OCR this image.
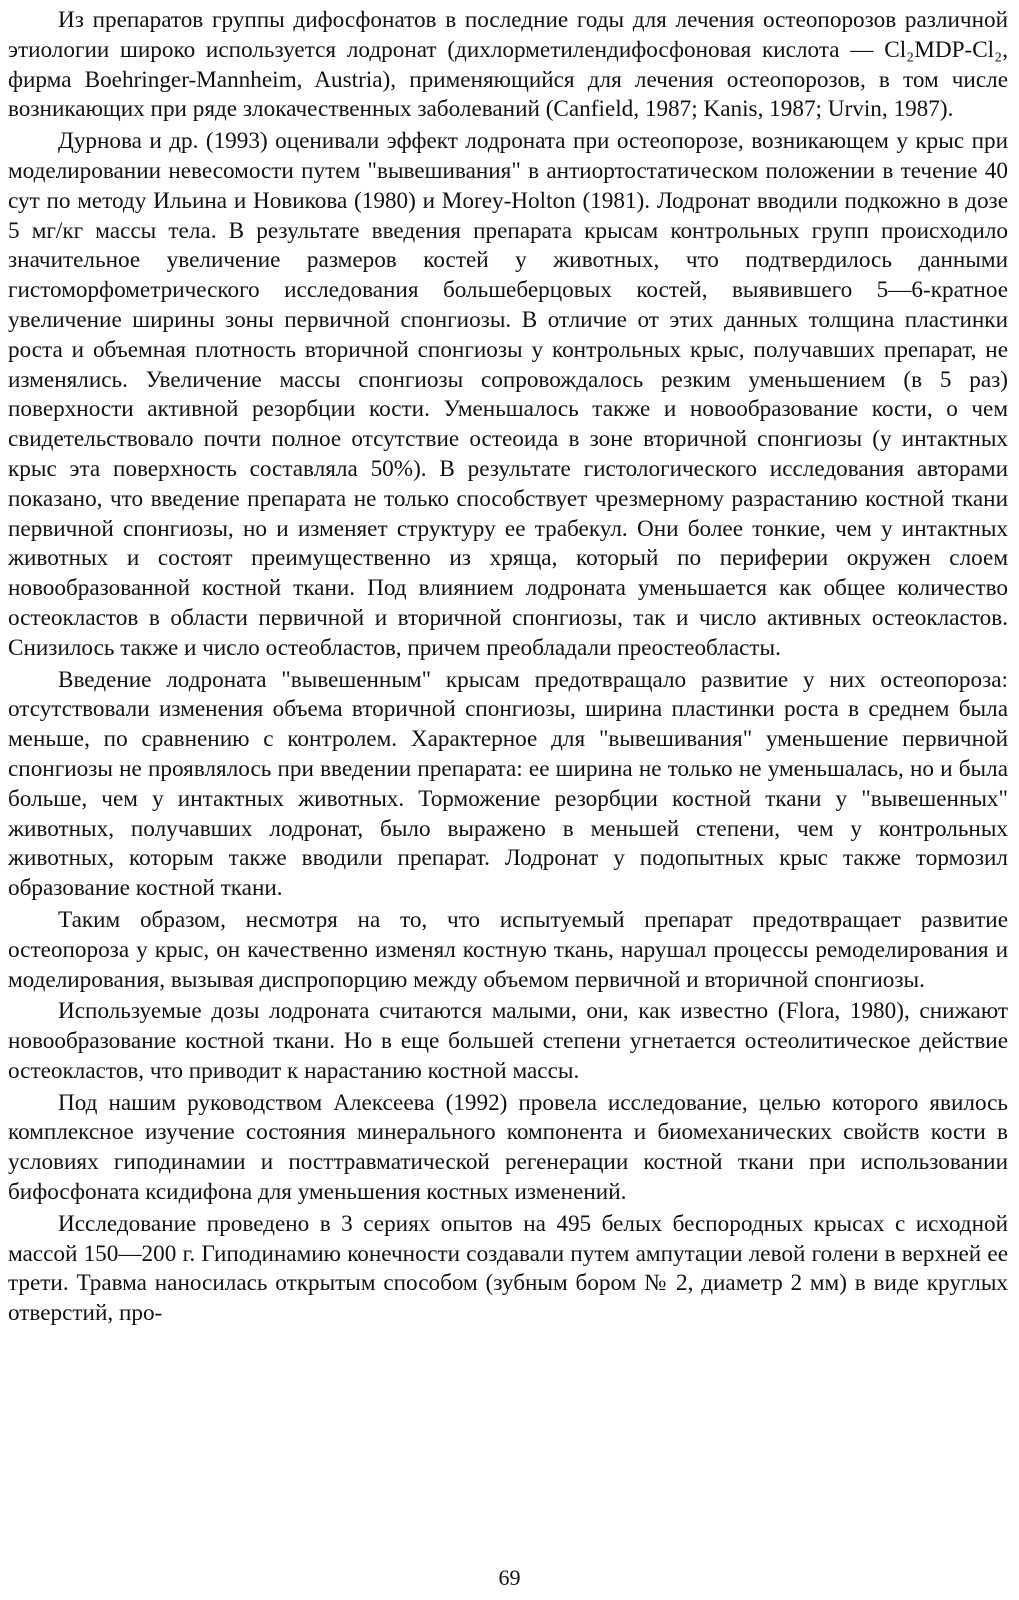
Из препаратов группы дифосфонатов в последние годы для лечения остеопорозов различной этиологии широко используется лодронат (дихлорметилендифосфоновая кислота — Cl₂MDP-Cl₂, фирма Boehringer-Mannheim, Austria), применяющийся для лечения остеопорозов, в том числе возникающих при ряде злокачественных заболеваний (Canfield, 1987; Kanis, 1987; Urvin, 1987).

Дурнова и др. (1993) оценивали эффект лодроната при остеопорозе, возникающем у крыс при моделировании невесомости путем "вывешивания" в антиортостатическом положении в течение 40 сут по методу Ильина и Новикова (1980) и Morey-Holton (1981). Лодронат вводили подкожно в дозе 5 мг/кг массы тела. В результате введения препарата крысам контрольных групп происходило значительное увеличение размеров костей у животных, что подтвердилось данными гистоморфометрического исследования большеберцовых костей, выявившего 5—6-кратное увеличение ширины зоны первичной спонгиозы. В отличие от этих данных толщина пластинки роста и объемная плотность вторичной спонгиозы у контрольных крыс, получавших препарат, не изменялись. Увеличение массы спонгиозы сопровождалось резким уменьшением (в 5 раз) поверхности активной резорбции кости. Уменьшалось также и новообразование кости, о чем свидетельствовало почти полное отсутствие остеоида в зоне вторичной спонгиозы (у интактных крыс эта поверхность составляла 50%). В результате гистологического исследования авторами показано, что введение препарата не только способствует чрезмерному разрастанию костной ткани первичной спонгиозы, но и изменяет структуру ее трабекул. Они более тонкие, чем у интактных животных и состоят преимущественно из хряща, который по периферии окружен слоем новообразованной костной ткани. Под влиянием лодроната уменьшается как общее количество остеокластов в области первичной и вторичной спонгиозы, так и число активных остеокластов. Снизилось также и число остеобластов, причем преобладали преостеобласты.

Введение лодроната "вывешенным" крысам предотвращало развитие у них остеопороза: отсутствовали изменения объема вторичной спонгиозы, ширина пластинки роста в среднем была меньше, по сравнению с контролем. Характерное для "вывешивания" уменьшение первичной спонгиозы не проявлялось при введении препарата: ее ширина не только не уменьшалась, но и была больше, чем у интактных животных. Торможение резорбции костной ткани у "вывешенных" животных, получавших лодронат, было выражено в меньшей степени, чем у контрольных животных, которым также вводили препарат. Лодронат у подопытных крыс также тормозил образование костной ткани.

Таким образом, несмотря на то, что испытуемый препарат предотвращает развитие остеопороза у крыс, он качественно изменял костную ткань, нарушал процессы ремоделирования и моделирования, вызывая диспропорцию между объемом первичной и вторичной спонгиозы.

Используемые дозы лодроната считаются малыми, они, как известно (Flora, 1980), снижают новообразование костной ткани. Но в еще большей степени угнетается остеолитическое действие остеокластов, что приводит к нарастанию костной массы.

Под нашим руководством Алексеева (1992) провела исследование, целью которого явилось комплексное изучение состояния минерального компонента и биомеханических свойств кости в условиях гиподинамии и посттравматической регенерации костной ткани при использовании бифосфоната ксидифона для уменьшения костных изменений.

Исследование проведено в 3 сериях опытов на 495 белых беспородных крысах с исходной массой 150—200 г. Гиподинамию конечности создавали путем ампутации левой голени в верхней ее трети. Травма наносилась открытым способом (зубным бором № 2, диаметр 2 мм) в виде круглых отверстий, про-

69
